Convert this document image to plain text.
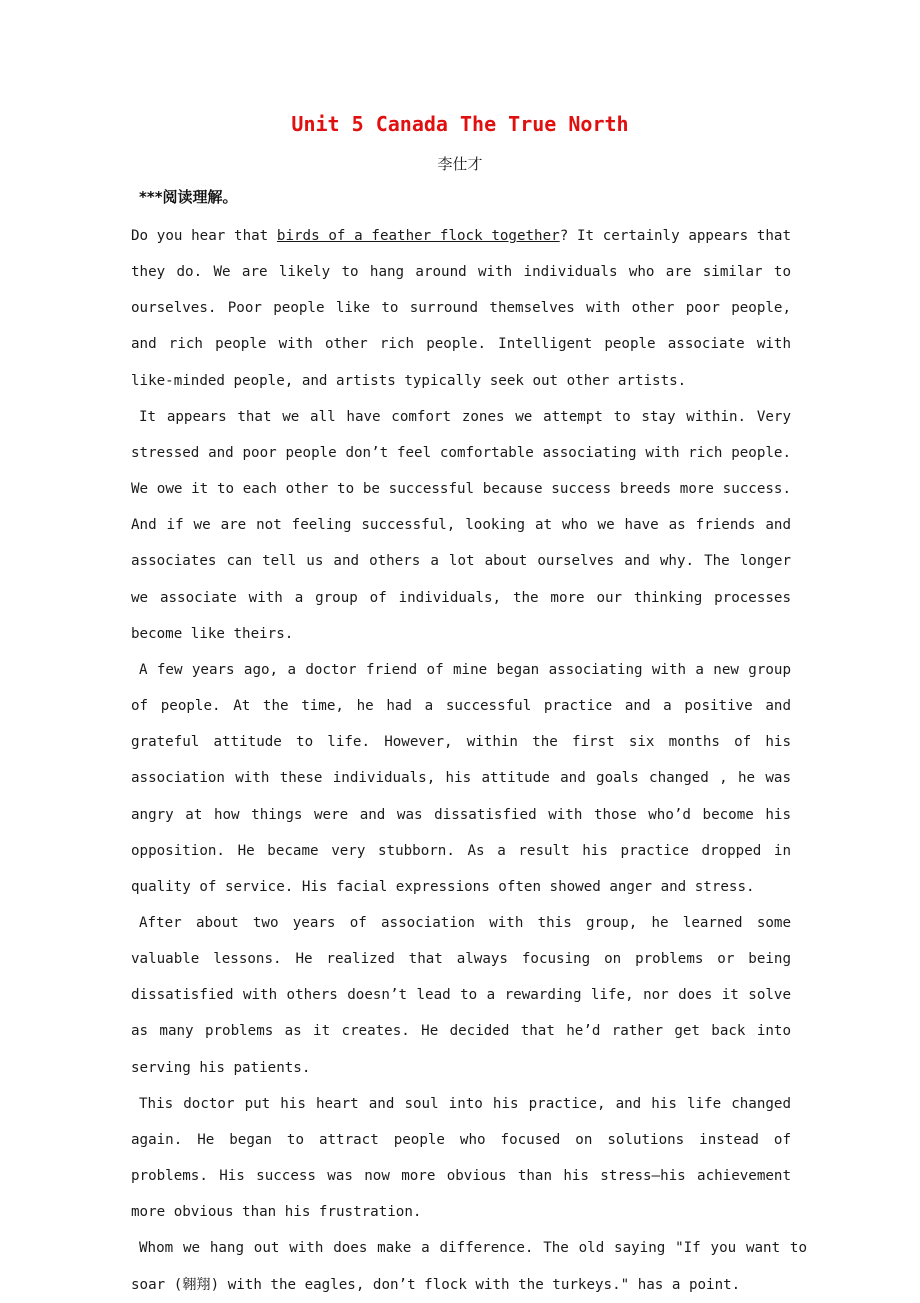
Unit 5 Canada The True North
李仕才
***阅读理解。

Do you hear that birds of a feather flock together? It certainly appears that they do. We are likely to hang around with individuals who are similar to ourselves. Poor people like to surround themselves with other poor people, and rich people with other rich people. Intelligent people associate with like-minded people, and artists typically seek out other artists.

It appears that we all have comfort zones we attempt to stay within. Very stressed and poor people don’t feel comfortable associating with rich people. We owe it to each other to be successful because success breeds more success. And if we are not feeling successful, looking at who we have as friends and associates can tell us and others a lot about ourselves and why. The longer we associate with a group of individuals, the more our thinking processes become like theirs.

A few years ago, a doctor friend of mine began associating with a new group of people. At the time, he had a successful practice and a positive and grateful attitude to life. However, within the first six months of his association with these individuals, his attitude and goals changed , he was angry at how things were and was dissatisfied with those who’d become his opposition. He became very stubborn. As a result his practice dropped in quality of service. His facial expressions often showed anger and stress.

After about two years of association with this group, he learned some valuable lessons. He realized that always focusing on problems or being dissatisfied with others doesn’t lead to a rewarding life, nor does it solve as many problems as it creates. He decided that he’d rather get back into serving his patients.

This doctor put his heart and soul into his practice, and his life changed again. He began to attract people who focused on solutions instead of problems. His success was now more obvious than his stress—his achievement more obvious than his frustration.

Whom we hang out with does make a difference. The old saying "If you want to soar (翱翔) with the eagles, don’t flock with the turkeys." has a point.
